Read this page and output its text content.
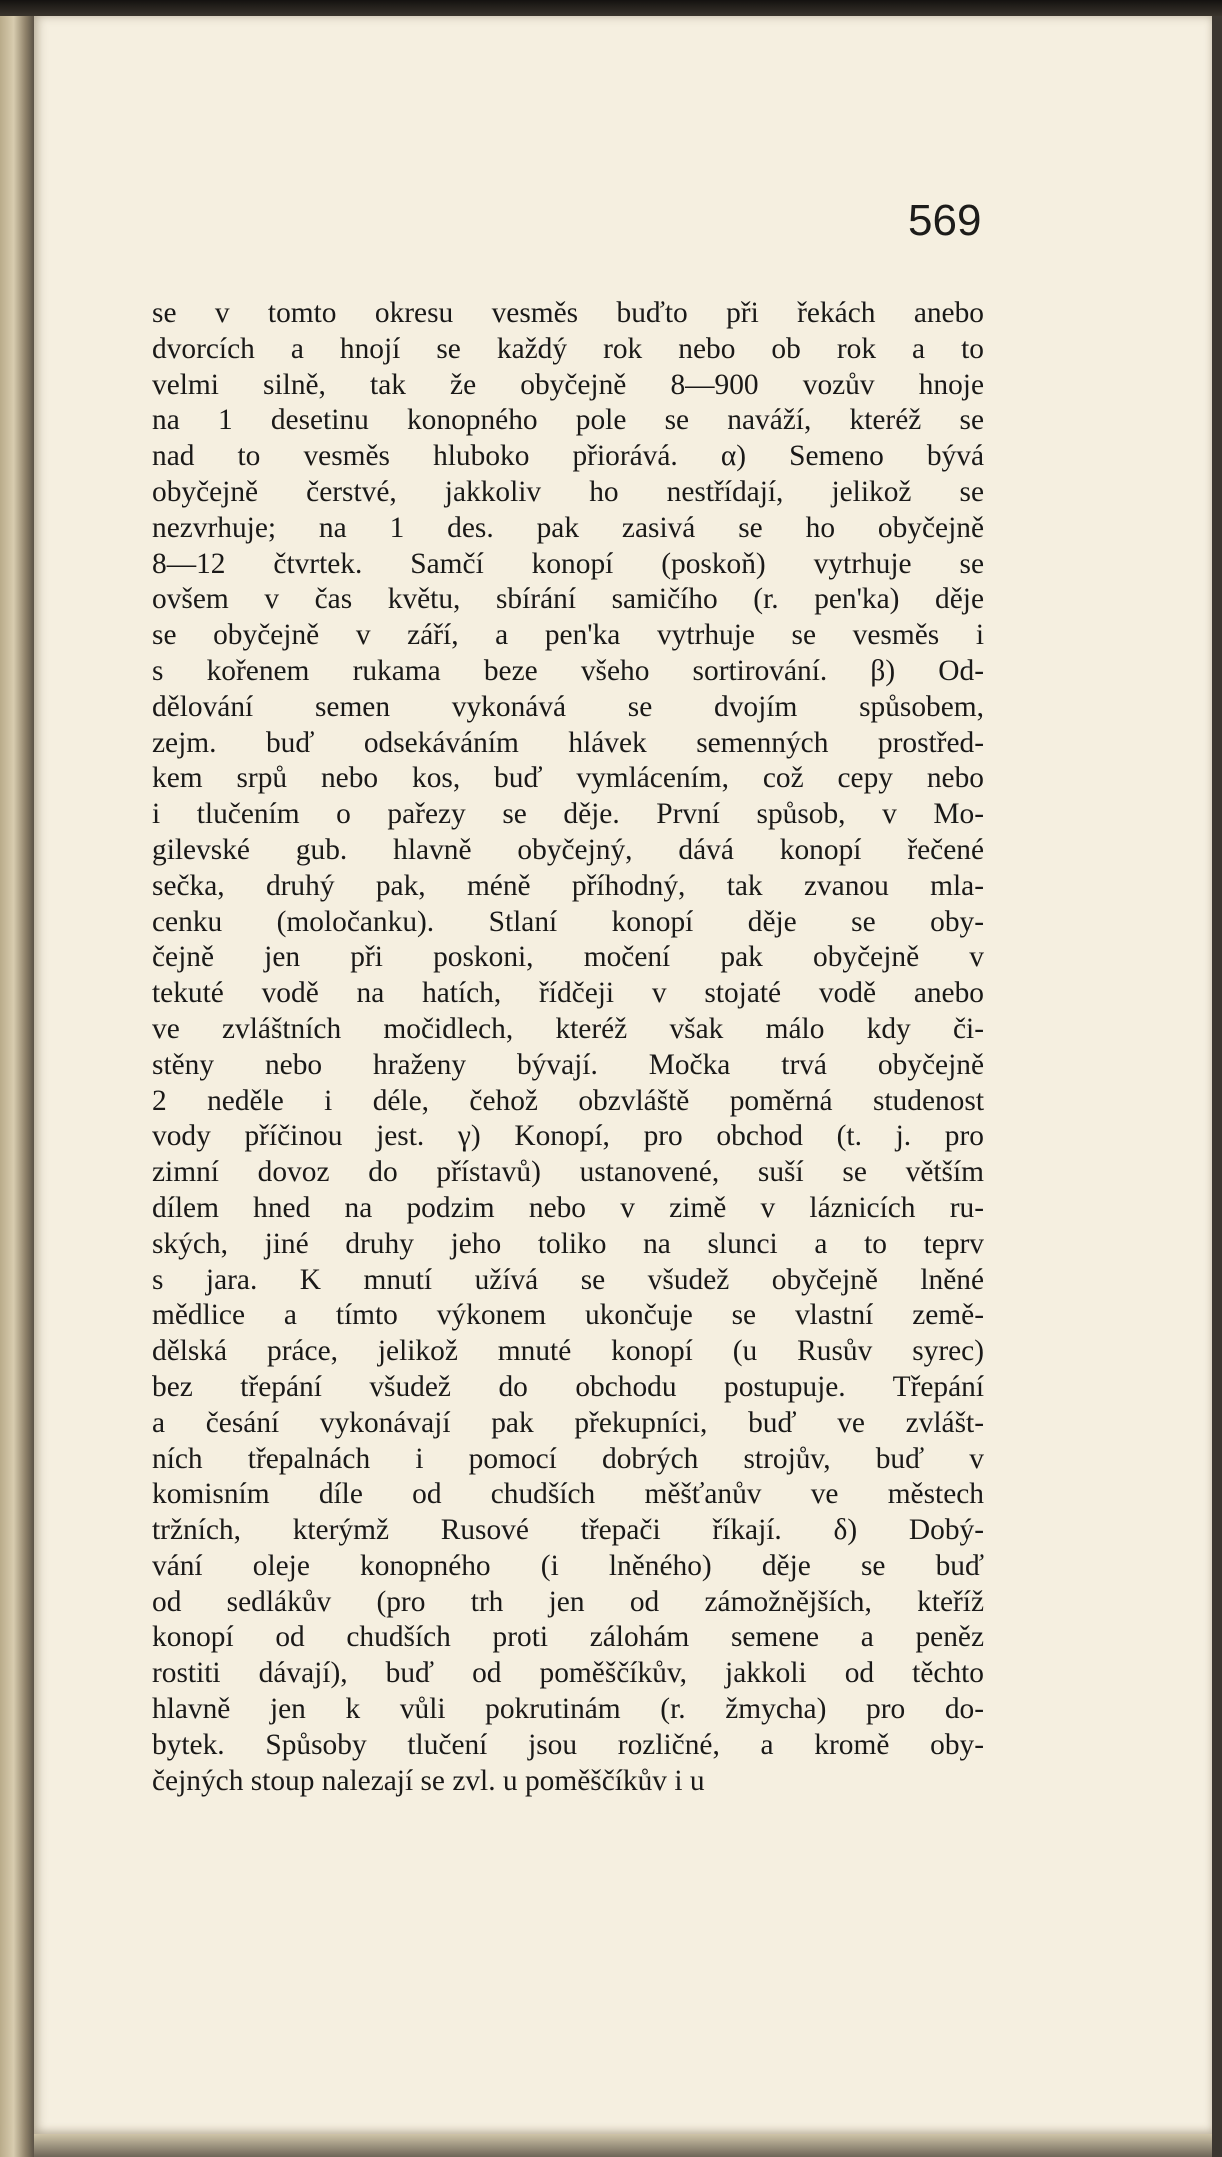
569
se v tomto okresu vesměs buďto při řekách anebo
dvorcích a hnojí se každý rok nebo ob rok a to
velmi silně, tak že obyčejně 8—900 vozův hnoje
na 1 desetinu konopného pole se naváží, kteréž se
nad to vesměs hluboko přiorává. α) Semeno bývá
obyčejně čerstvé, jakkoliv ho nestřídají, jelikož se
nezvrhuje; na 1 des. pak zasivá se ho obyčejně
8—12 čtvrtek. Samčí konopí (poskoň) vytrhuje se
ovšem v čas květu, sbírání samičího (r. pen'ka) děje
se obyčejně v září, a pen'ka vytrhuje se vesměs i
s kořenem rukama beze všeho sortirování. β) Od-
dělování semen vykonává se dvojím spůsobem,
zejm. buď odsekáváním hlávek semenných prostřed-
kem srpů nebo kos, buď vymlácením, což cepy nebo
i tlučením o pařezy se děje. První spůsob, v Mo-
gilevské gub. hlavně obyčejný, dává konopí řečené
sečka, druhý pak, méně příhodný, tak zvanou mla-
cenku (moločanku). Stlaní konopí děje se oby-
čejně jen při poskoni, močení pak obyčejně v
tekuté vodě na hatích, řídčeji v stojaté vodě anebo
ve zvláštních močidlech, kteréž však málo kdy či-
stěny nebo hraženy bývají. Močka trvá obyčejně
2 neděle i déle, čehož obzvláště poměrná studenost
vody příčinou jest. γ) Konopí, pro obchod (t. j. pro
zimní dovoz do přístavů) ustanovené, suší se větším
dílem hned na podzim nebo v zimě v láznicích ru-
ských, jiné druhy jeho toliko na slunci a to teprv
s jara. K mnutí užívá se všudež obyčejně lněné
mědlice a tímto výkonem ukončuje se vlastní země-
dělská práce, jelikož mnuté konopí (u Rusův syrec)
bez třepání všudež do obchodu postupuje. Třepání
a česání vykonávají pak překupníci, buď ve zvlášt-
ních třepalnách i pomocí dobrých strojův, buď v
komisním díle od chudších měšťanův ve městech
tržních, kterýmž Rusové třepači říkají. δ) Dobý-
vání oleje konopného (i lněného) děje se buď
od sedlákův (pro trh jen od zámožnějších, kteříž
konopí od chudších proti zálohám semene a peněz
rostiti dávají), buď od poměščíkův, jakkoli od těchto
hlavně jen k vůli pokrutinám (r. žmycha) pro do-
bytek. Spůsoby tlučení jsou rozličné, a kromě oby-
čejných stoup nalezají se zvl. u poměščíkův i u
